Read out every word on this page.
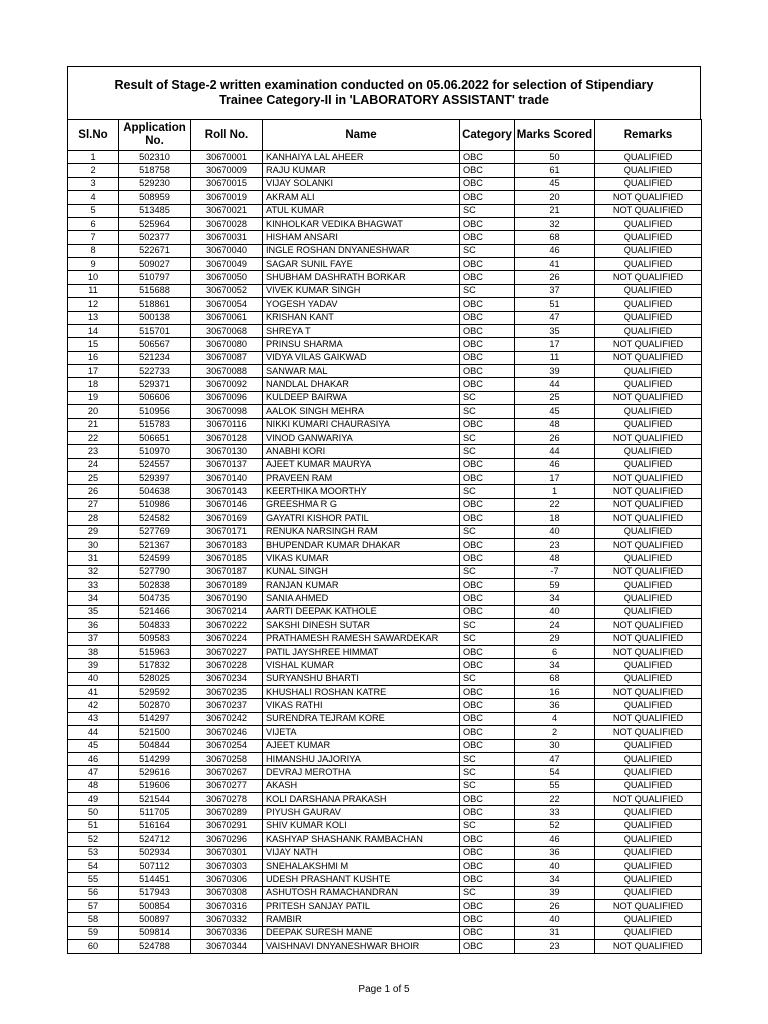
Result of Stage-2 written examination conducted on 05.06.2022 for selection of Stipendiary
Trainee Category-II in 'LABORATORY ASSISTANT' trade
Sl.No	Application No.	Roll No.	Name	Category	Marks Scored	Remarks
1	502310	30670001	KANHAIYA LAL AHEER	OBC	50	QUALIFIED
2	518758	30670009	RAJU KUMAR	OBC	61	QUALIFIED
3	529230	30670015	VIJAY SOLANKI	OBC	45	QUALIFIED
4	508959	30670019	AKRAM ALI	OBC	20	NOT QUALIFIED
5	513485	30670021	ATUL KUMAR	SC	21	NOT QUALIFIED
6	525964	30670028	KINHOLKAR VEDIKA BHAGWAT	OBC	32	QUALIFIED
7	502377	30670031	HISHAM ANSARI	OBC	68	QUALIFIED
8	522671	30670040	INGLE ROSHAN DNYANESHWAR	SC	46	QUALIFIED
9	509027	30670049	SAGAR SUNIL FAYE	OBC	41	QUALIFIED
10	510797	30670050	SHUBHAM DASHRATH BORKAR	OBC	26	NOT QUALIFIED
11	515688	30670052	VIVEK KUMAR SINGH	SC	37	QUALIFIED
12	518861	30670054	YOGESH YADAV	OBC	51	QUALIFIED
13	500138	30670061	KRISHAN KANT	OBC	47	QUALIFIED
14	515701	30670068	SHREYA T	OBC	35	QUALIFIED
15	506567	30670080	PRINSU SHARMA	OBC	17	NOT QUALIFIED
16	521234	30670087	VIDYA VILAS GAIKWAD	OBC	11	NOT QUALIFIED
17	522733	30670088	SANWAR MAL	OBC	39	QUALIFIED
18	529371	30670092	NANDLAL DHAKAR	OBC	44	QUALIFIED
19	506606	30670096	KULDEEP BAIRWA	SC	25	NOT QUALIFIED
20	510956	30670098	AALOK SINGH MEHRA	SC	45	QUALIFIED
21	515783	30670116	NIKKI KUMARI CHAURASIYA	OBC	48	QUALIFIED
22	506651	30670128	VINOD GANWARIYA	SC	26	NOT QUALIFIED
23	510970	30670130	ANABHI KORI	SC	44	QUALIFIED
24	524557	30670137	AJEET KUMAR MAURYA	OBC	46	QUALIFIED
25	529397	30670140	PRAVEEN RAM	OBC	17	NOT QUALIFIED
26	504638	30670143	KEERTHIKA MOORTHY	SC	1	NOT QUALIFIED
27	510986	30670146	GREESHMA R G	OBC	22	NOT QUALIFIED
28	524582	30670169	GAYATRI KISHOR PATIL	OBC	18	NOT QUALIFIED
29	527769	30670171	RENUKA NARSINGH RAM	SC	40	QUALIFIED
30	521367	30670183	BHUPENDAR KUMAR DHAKAR	OBC	23	NOT QUALIFIED
31	524599	30670185	VIKAS KUMAR	OBC	48	QUALIFIED
32	527790	30670187	KUNAL SINGH	SC	-7	NOT QUALIFIED
33	502838	30670189	RANJAN KUMAR	OBC	59	QUALIFIED
34	504735	30670190	SANIA AHMED	OBC	34	QUALIFIED
35	521466	30670214	AARTI DEEPAK KATHOLE	OBC	40	QUALIFIED
36	504833	30670222	SAKSHI DINESH SUTAR	SC	24	NOT QUALIFIED
37	509583	30670224	PRATHAMESH RAMESH SAWARDEKAR	SC	29	NOT QUALIFIED
38	515963	30670227	PATIL JAYSHREE HIMMAT	OBC	6	NOT QUALIFIED
39	517832	30670228	VISHAL KUMAR	OBC	34	QUALIFIED
40	528025	30670234	SURYANSHU BHARTI	SC	68	QUALIFIED
41	529592	30670235	KHUSHALI ROSHAN KATRE	OBC	16	NOT QUALIFIED
42	502870	30670237	VIKAS RATHI	OBC	36	QUALIFIED
43	514297	30670242	SURENDRA TEJRAM KORE	OBC	4	NOT QUALIFIED
44	521500	30670246	VIJETA	OBC	2	NOT QUALIFIED
45	504844	30670254	AJEET KUMAR	OBC	30	QUALIFIED
46	514299	30670258	HIMANSHU JAJORIYA	SC	47	QUALIFIED
47	529616	30670267	DEVRAJ MEROTHA	SC	54	QUALIFIED
48	519606	30670277	AKASH	SC	55	QUALIFIED
49	521544	30670278	KOLI DARSHANA PRAKASH	OBC	22	NOT QUALIFIED
50	511705	30670289	PIYUSH GAURAV	OBC	33	QUALIFIED
51	516164	30670291	SHIV KUMAR KOLI	SC	52	QUALIFIED
52	524712	30670296	KASHYAP SHASHANK RAMBACHAN	OBC	46	QUALIFIED
53	502934	30670301	VIJAY NATH	OBC	36	QUALIFIED
54	507112	30670303	SNEHALAKSHMI M	OBC	40	QUALIFIED
55	514451	30670306	UDESH PRASHANT KUSHTE	OBC	34	QUALIFIED
56	517943	30670308	ASHUTOSH RAMACHANDRAN	SC	39	QUALIFIED
57	500854	30670316	PRITESH SANJAY PATIL	OBC	26	NOT QUALIFIED
58	500897	30670332	RAMBIR	OBC	40	QUALIFIED
59	509814	30670336	DEEPAK SURESH MANE	OBC	31	QUALIFIED
60	524788	30670344	VAISHNAVI DNYANESHWAR BHOIR	OBC	23	NOT QUALIFIED
Page 1 of 5
